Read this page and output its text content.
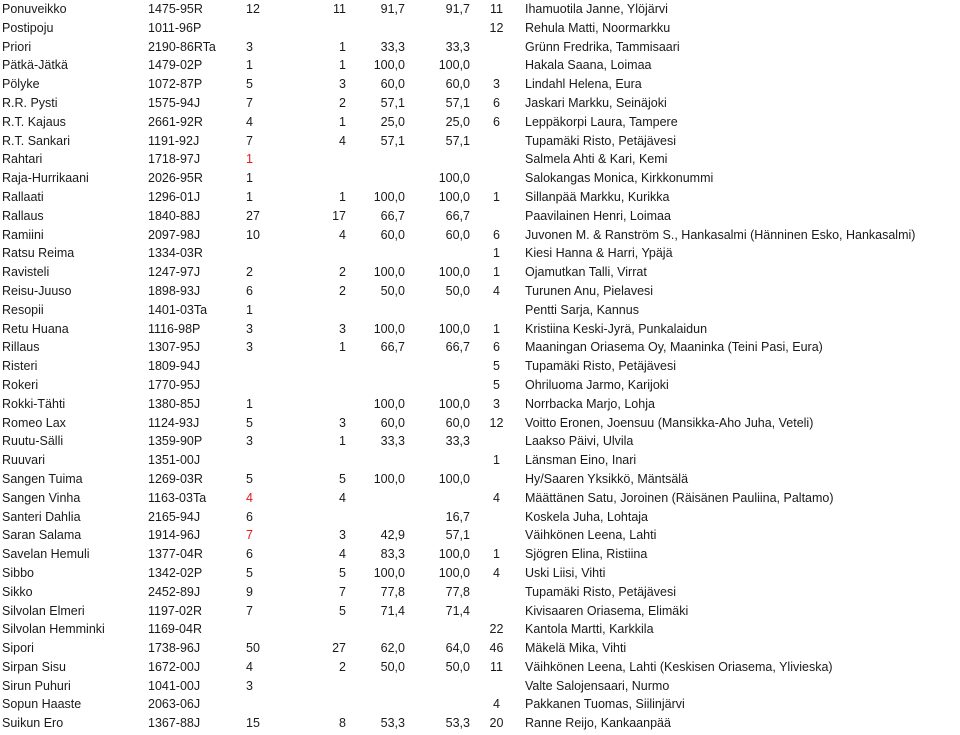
Ponuveikko	1475-95R	12	11	91,7	91,7	11	Ihamuotila Janne, Ylöjärvi
Postipoju	1011-96P					12	Rehula Matti, Noormarkku
Priori	2190-86RTa	3	1	33,3	33,3		Grünn Fredrika, Tammisaari
Pätkä-Jätkä	1479-02P	1	1	100,0	100,0		Hakala Saana, Loimaa
Pölyke	1072-87P	5	3	60,0	60,0	3	Lindahl Helena, Eura
R.R. Pysti	1575-94J	7	2	57,1	57,1	6	Jaskari Markku, Seinäjoki
R.T. Kajaus	2661-92R	4	1	25,0	25,0	6	Leppäkorpi Laura, Tampere
R.T. Sankari	1191-92J	7	4	57,1	57,1		Tupamäki Risto, Petäjävesi
Rahtari	1718-97J	1					Salmela Ahti & Kari, Kemi
Raja-Hurrikaani	2026-95R	1			100,0		Salokangas Monica, Kirkkonummi
Rallaati	1296-01J	1	1	100,0	100,0	1	Sillanpää Markku, Kurikka
Rallaus	1840-88J	27	17	66,7	66,7		Paavilainen Henri, Loimaa
Ramiini	2097-98J	10	4	60,0	60,0	6	Juvonen M. & Ranström S., Hankasalmi (Hänninen Esko, Hankasalmi)
Ratsu Reima	1334-03R					1	Kiesi Hanna & Harri, Ypäjä
Ravisteli	1247-97J	2	2	100,0	100,0	1	Ojamutkan Talli, Virrat
Reisu-Juuso	1898-93J	6	2	50,0	50,0	4	Turunen Anu, Pielavesi
Resopii	1401-03Ta	1					Pentti Sarja, Kannus
Retu Huana	1116-98P	3	3	100,0	100,0	1	Kristiina Keski-Jyrä, Punkalaidun
Rillaus	1307-95J	3	1	66,7	66,7	6	Maaningan Oriasema Oy, Maaninka (Teini Pasi, Eura)
Risteri	1809-94J					5	Tupamäki Risto, Petäjävesi
Rokeri	1770-95J					5	Ohriluoma Jarmo, Karijoki
Rokki-Tähti	1380-85J	1		100,0	100,0	3	Norrbacka Marjo, Lohja
Romeo Lax	1124-93J	5	3	60,0	60,0	12	Voitto Eronen, Joensuu (Mansikka-Aho Juha, Veteli)
Ruutu-Sälli	1359-90P	3	1	33,3	33,3		Laakso Päivi, Ulvila
Ruuvari	1351-00J					1	Länsman Eino, Inari
Sangen Tuima	1269-03R	5	5	100,0	100,0		Hy/Saaren Yksikkö, Mäntsälä
Sangen Vinha	1163-03Ta	4	4			4	Määttänen Satu, Joroinen (Räisänen Pauliina, Paltamo)
Santeri Dahlia	2165-94J	6			16,7		Koskela Juha, Lohtaja
Saran Salama	1914-96J	7	3	42,9	57,1		Väihkönen Leena, Lahti
Savelan Hemuli	1377-04R	6	4	83,3	100,0	1	Sjögren Elina, Ristiina
Sibbo	1342-02P	5	5	100,0	100,0	4	Uski Liisi, Vihti
Sikko	2452-89J	9	7	77,8	77,8		Tupamäki Risto, Petäjävesi
Silvolan Elmeri	1197-02R	7	5	71,4	71,4		Kivisaaren Oriasema, Elimäki
Silvolan Hemminki	1169-04R					22	Kantola Martti, Karkkila
Sipori	1738-96J	50	27	62,0	64,0	46	Mäkelä Mika, Vihti
Sirpan Sisu	1672-00J	4	2	50,0	50,0	11	Väihkönen Leena, Lahti (Keskisen Oriasema, Ylivieska)
Sirun Puhuri	1041-00J	3					Valte Salojensaari, Nurmo
Sopun Haaste	2063-06J					4	Pakkanen Tuomas, Siilinjärvi
Suikun Ero	1367-88J	15	8	53,3	53,3	20	Ranne Reijo, Kankaanpää
